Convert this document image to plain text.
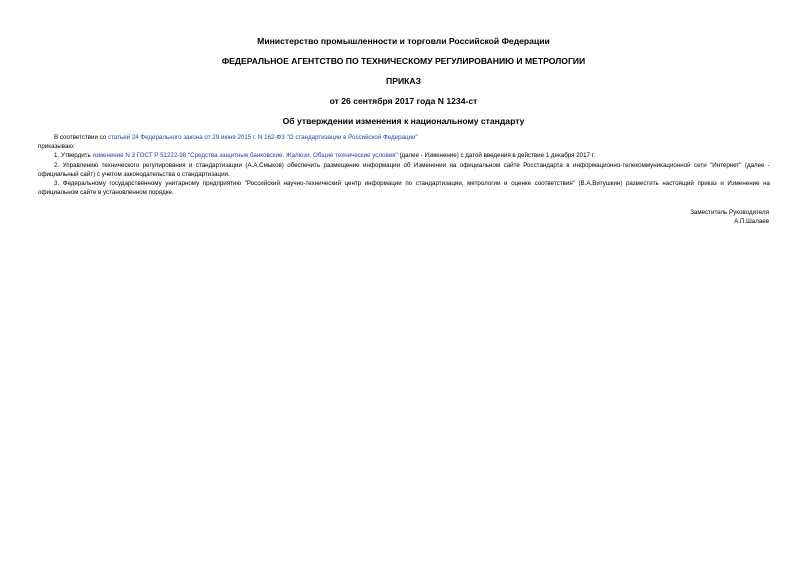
Министерство промышленности и торговли Российской Федерации
ФЕДЕРАЛЬНОЕ АГЕНТСТВО ПО ТЕХНИЧЕСКОМУ РЕГУЛИРОВАНИЮ И МЕТРОЛОГИИ
ПРИКАЗ
от 26 сентября 2017 года N 1234-ст
Об утверждении изменения к национальному стандарту

В соответствии со статьей 24 Федерального закона от 29 июня 2015 г. N 162-ФЗ "О стандартизации в Российской Федерации"

приказываю:

1. Утвердить изменение N 3 ГОСТ Р 51222-98 "Средства защитные банковские. Жалюзи. Общие технические условия" (далее - Изменение) с датой введения в действие 1 декабря 2017 г.

2. Управлению технического регулирования и стандартизации (А.А.Смыков) обеспечить размещение информации об Изменении на официальном сайте Росстандарта в информационно-телекоммуникационной сети "Интернет" (далее - официальный сайт) с учетом законодательства о стандартизации.

3. Федеральному государственному унитарному предприятию "Российский научно-технический центр информации по стандартизации, метрологии и оценке соответствия" (В.А.Витушкин) разместить настоящий приказ и Изменение на официальном сайте в установленном порядке.

Заместитель Руководителя
А.П.Шалаев
